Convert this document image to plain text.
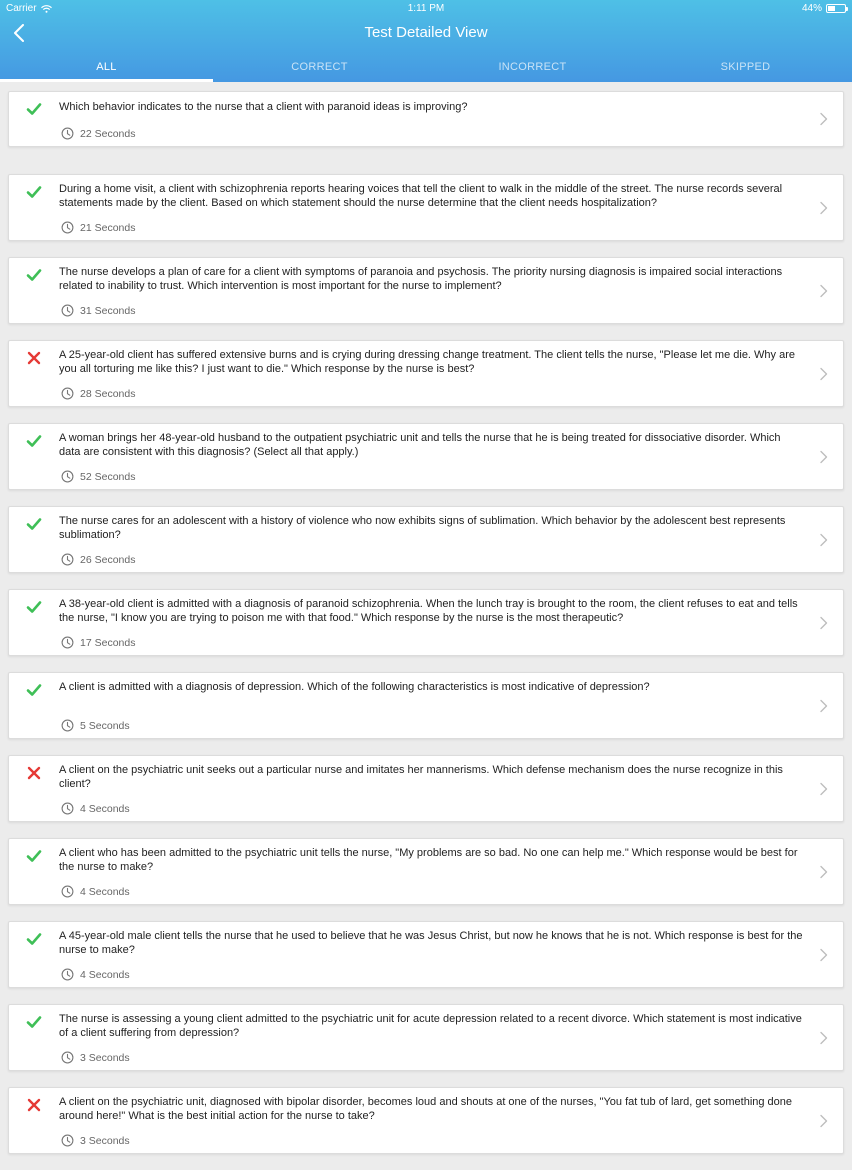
Carrier	1:11 PM	44%
Test Detailed View
ALL	CORRECT	INCORRECT	SKIPPED
Which behavior indicates to the nurse that a client with paranoid ideas is improving?
22 Seconds
During a home visit, a client with schizophrenia reports hearing voices that tell the client to walk in the middle of the street. The nurse records several statements made by the client. Based on which statement should the nurse determine that the client needs hospitalization?
21 Seconds
The nurse develops a plan of care for a client with symptoms of paranoia and psychosis. The priority nursing diagnosis is impaired social interactions related to inability to trust. Which intervention is most important for the nurse to implement?
31 Seconds
A 25-year-old client has suffered extensive burns and is crying during dressing change treatment. The client tells the nurse, "Please let me die. Why are you all torturing me like this? I just want to die." Which response by the nurse is best?
28 Seconds
A woman brings her 48-year-old husband to the outpatient psychiatric unit and tells the nurse that he is being treated for dissociative disorder. Which data are consistent with this diagnosis? (Select all that apply.)
52 Seconds
The nurse cares for an adolescent with a history of violence who now exhibits signs of sublimation. Which behavior by the adolescent best represents sublimation?
26 Seconds
A 38-year-old client is admitted with a diagnosis of paranoid schizophrenia. When the lunch tray is brought to the room, the client refuses to eat and tells the nurse, "I know you are trying to poison me with that food." Which response by the nurse is the most therapeutic?
17 Seconds
A client is admitted with a diagnosis of depression. Which of the following characteristics is most indicative of depression?
5 Seconds
A client on the psychiatric unit seeks out a particular nurse and imitates her mannerisms. Which defense mechanism does the nurse recognize in this client?
4 Seconds
A client who has been admitted to the psychiatric unit tells the nurse, "My problems are so bad. No one can help me." Which response would be best for the nurse to make?
4 Seconds
A 45-year-old male client tells the nurse that he used to believe that he was Jesus Christ, but now he knows that he is not. Which response is best for the nurse to make?
4 Seconds
The nurse is assessing a young client admitted to the psychiatric unit for acute depression related to a recent divorce. Which statement is most indicative of a client suffering from depression?
3 Seconds
A client on the psychiatric unit, diagnosed with bipolar disorder, becomes loud and shouts at one of the nurses, "You fat tub of lard, get something done around here!" What is the best initial action for the nurse to take?
3 Seconds
